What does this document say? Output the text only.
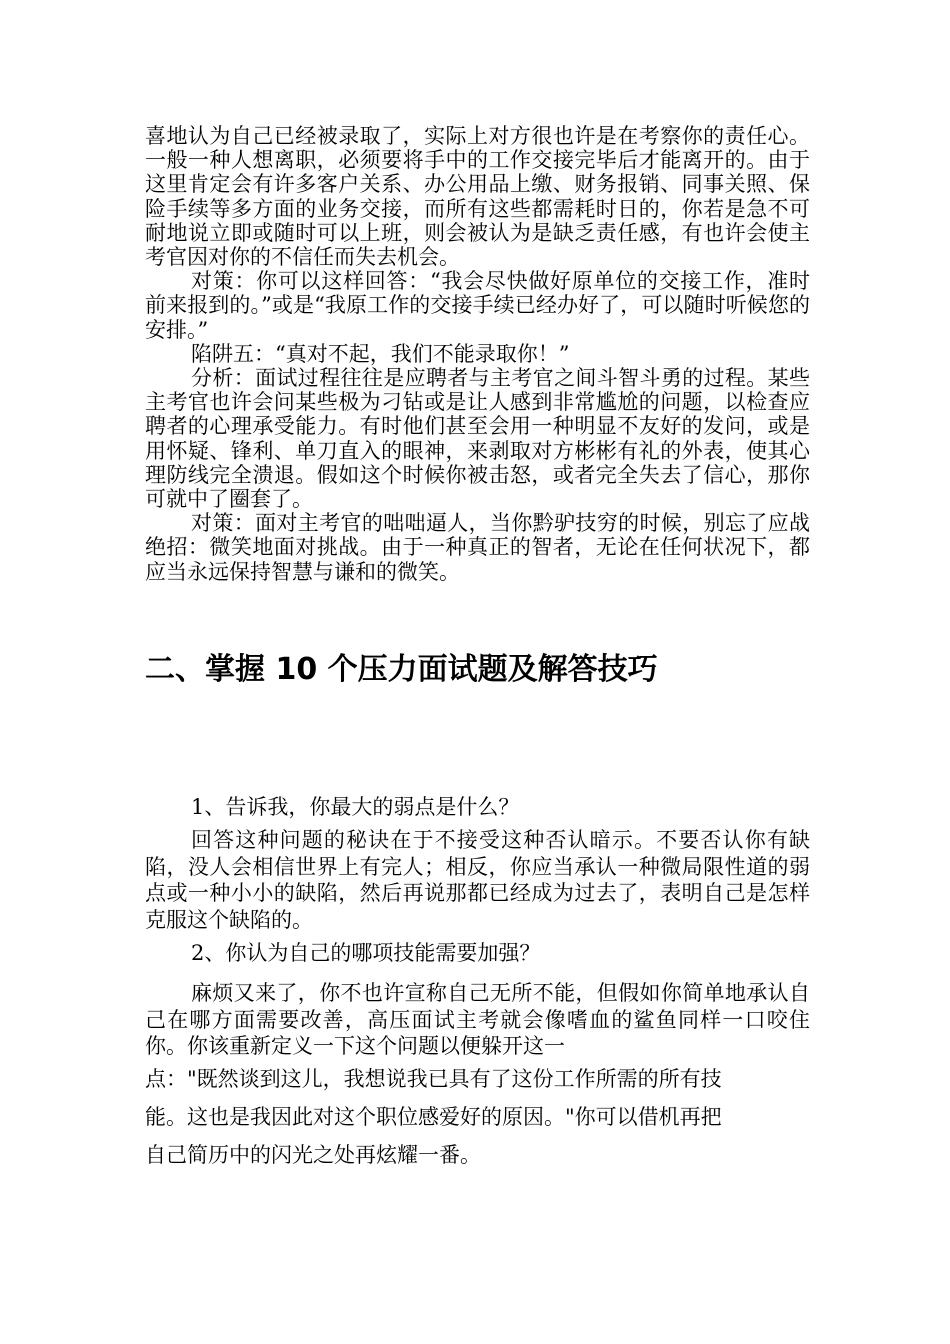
喜地认为自己已经被录取了，实际上对方很也许是在考察你的责任心。一般一种人想离职，必须要将手中的工作交接完毕后才能离开的。由于这里肯定会有许多客户关系、办公用品上缴、财务报销、同事关照、保险手续等多方面的业务交接，而所有这些都需耗时日的，你若是急不可耐地说立即或随时可以上班，则会被认为是缺乏责任感，有也许会使主考官因对你的不信任而失去机会。

对策：你可以这样回答：“我会尽快做好原单位的交接工作，准时前来报到的。”或是“我原工作的交接手续已经办好了，可以随时听候您的安排。”

陷阱五：“真对不起，我们不能录取你！”

分析：面试过程往往是应聘者与主考官之间斗智斗勇的过程。某些主考官也许会问某些极为刁钻或是让人感到非常尴尬的问题，以检查应聘者的心理承受能力。有时他们甚至会用一种明显不友好的发问，或是用怀疑、锋利、单刀直入的眼神，来剥取对方彬彬有礼的外表，使其心理防线完全溃退。假如这个时候你被击怒，或者完全失去了信心，那你可就中了圈套了。

对策：面对主考官的咄咄逼人，当你黔驴技穷的时候，别忘了应战绝招：微笑地面对挑战。由于一种真正的智者，无论在任何状况下，都应当永远保持智慧与谦和的微笑。

二、掌握 10 个压力面试题及解答技巧

1、告诉我，你最大的弱点是什么？

回答这种问题的秘诀在于不接受这种否认暗示。不要否认你有缺陷，没人会相信世界上有完人；相反，你应当承认一种微局限性道的弱点或一种小小的缺陷，然后再说那都已经成为过去了，表明自己是怎样克服这个缺陷的。

2、你认为自己的哪项技能需要加强？

麻烦又来了，你不也许宣称自己无所不能，但假如你简单地承认自己在哪方面需要改善，高压面试主考就会像嗜血的鲨鱼同样一口咬住你。你该重新定义一下这个问题以便躲开这一

点："既然谈到这儿，我想说我已具有了这份工作所需的所有技

能。这也是我因此对这个职位感爱好的原因。"你可以借机再把

自己简历中的闪光之处再炫耀一番。
